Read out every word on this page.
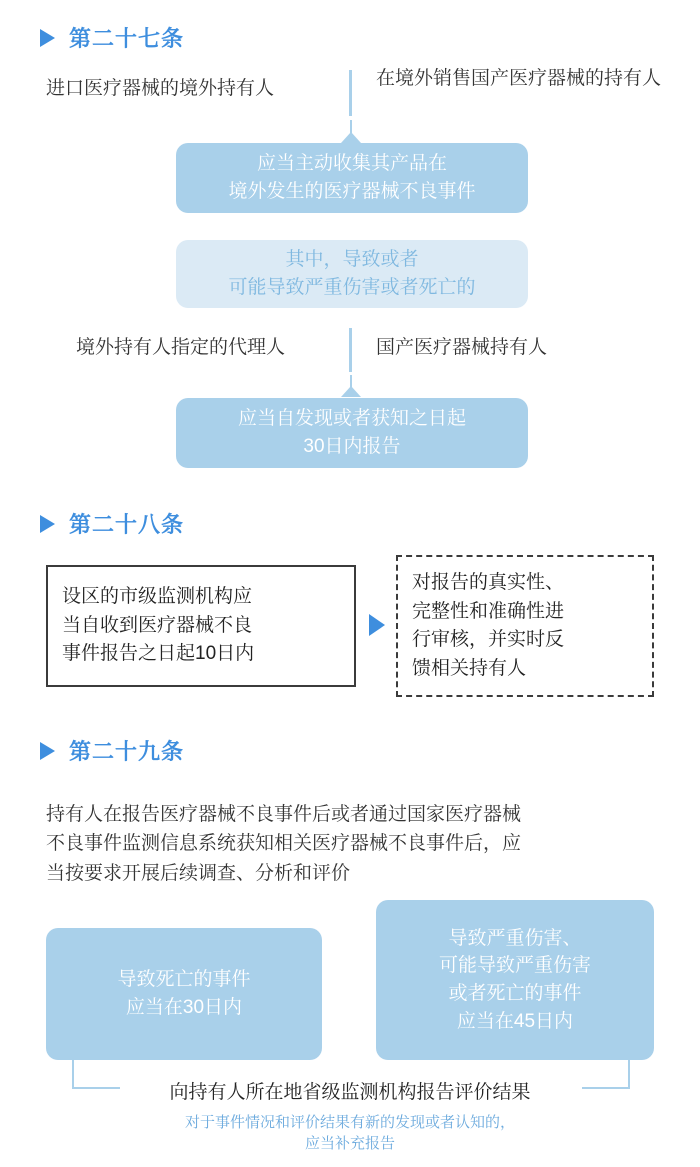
第二十七条
进口医疗器械的境外持有人	在境外销售国产医疗器械的持有人
应当主动收集其产品在
境外发生的医疗器械不良事件
其中，导致或者
可能导致严重伤害或者死亡的
境外持有人指定的代理人	国产医疗器械持有人
应当自发现或者获知之日起
30日内报告
第二十八条
设区的市级监测机构应
当自收到医疗器械不良
事件报告之日起10日内
对报告的真实性、
完整性和准确性进
行审核，并实时反
馈相关持有人
第二十九条
持有人在报告医疗器械不良事件后或者通过国家医疗器械
不良事件监测信息系统获知相关医疗器械不良事件后，应
当按要求开展后续调查、分析和评价
导致死亡的事件
应当在30日内
导致严重伤害、
可能导致严重伤害
或者死亡的事件
应当在45日内
向持有人所在地省级监测机构报告评价结果
对于事件情况和评价结果有新的发现或者认知的，
应当补充报告
